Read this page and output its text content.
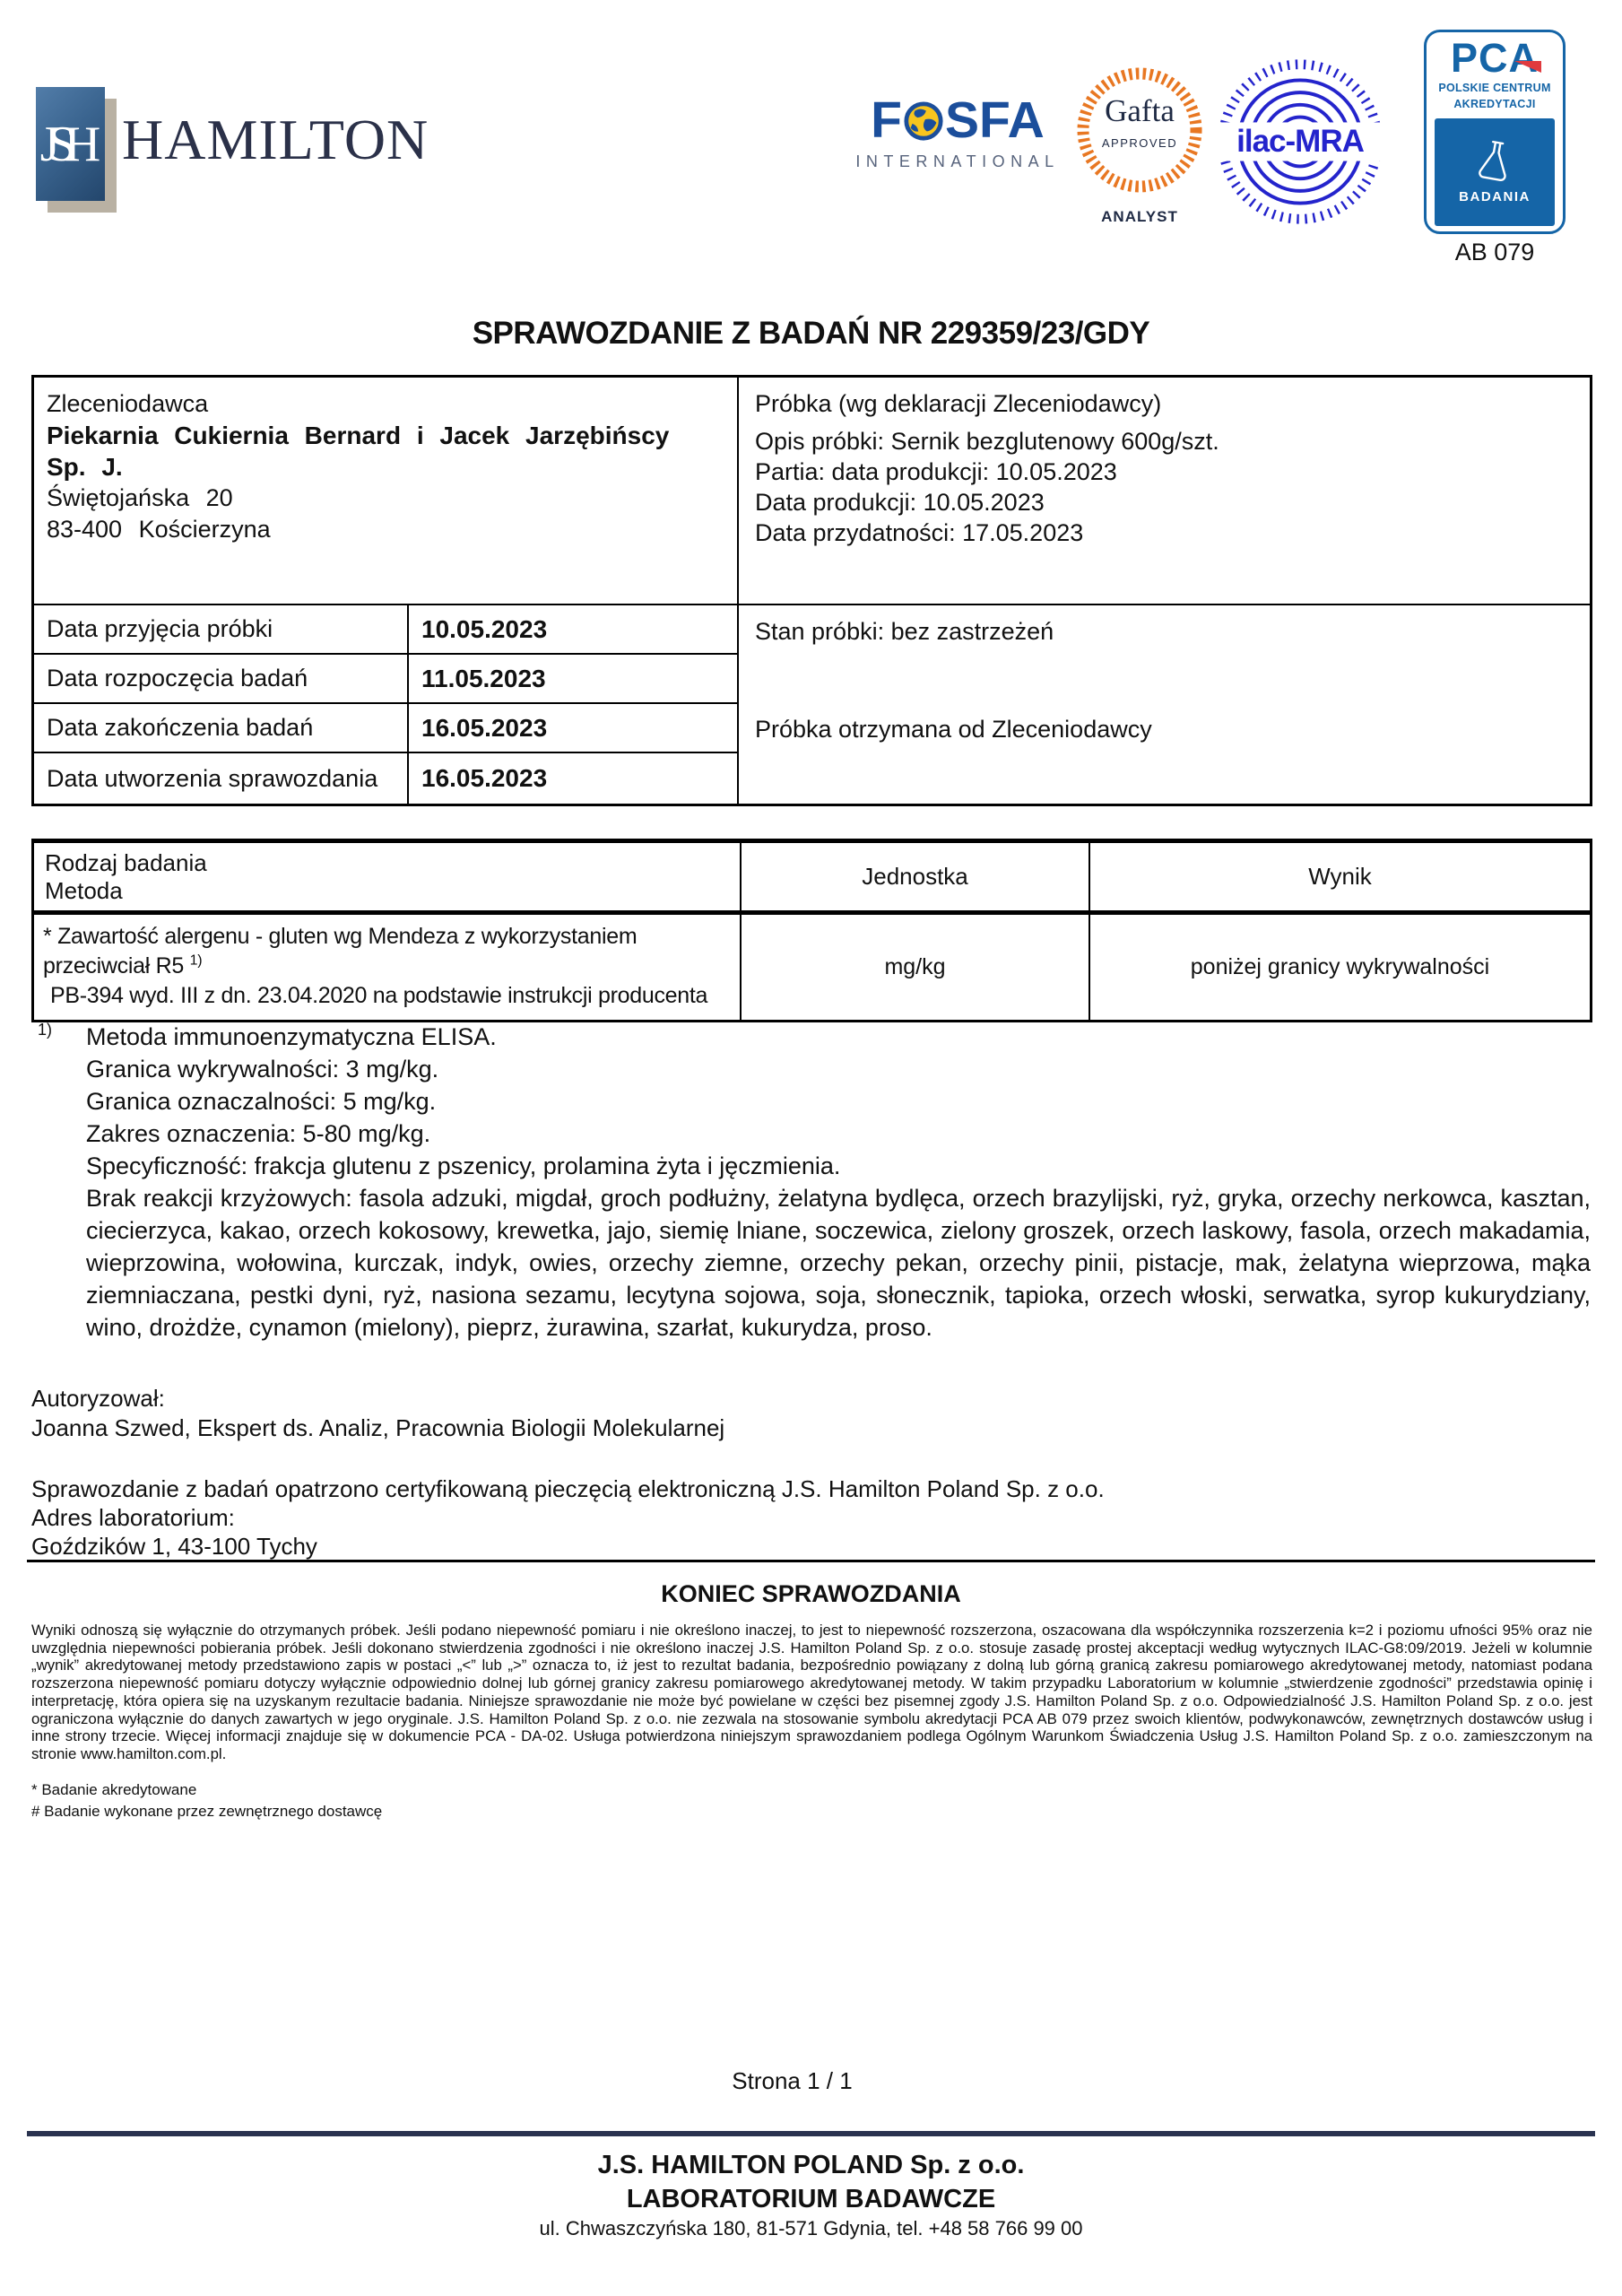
JSH HAMILTON	F SFA
INTERNATIONAL
Gafta
APPROVED
ANALYST
ilac-MRA
PCA
POLSKIE CENTRUM
AKREDYTACJI
BADANIA
AB 079
SPRAWOZDANIE Z BADAŃ NR 229359/23/GDY
Zleceniodawca
Piekarnia Cukiernia Bernard i Jacek Jarzębińscy
Sp. J.
Świętojańska 20
83-400 Kościerzyna
Próbka (wg deklaracji Zleceniodawcy)
Opis próbki: Sernik bezglutenowy 600g/szt.
Partia: data produkcji: 10.05.2023
Data produkcji: 10.05.2023
Data przydatności: 17.05.2023
Data przyjęcia próbki	10.05.2023	Stan próbki: bez zastrzeżeń
Próbka otrzymana od Zleceniodawcy
Data rozpoczęcia badań	11.05.2023
Data zakończenia badań	16.05.2023
Data utworzenia sprawozdania	16.05.2023
Rodzaj badania
Metoda
Jednostka	Wynik
* Zawartość alergenu - gluten wg Mendeza z wykorzystaniem przeciwciał R5 $^{1)}$
PB-394 wyd. III z dn. 23.04.2020 na podstawie instrukcji producenta
mg/kg	poniżej granicy wykrywalności
1) Metoda immunoenzymatyczna ELISA.
Granica wykrywalności: 3 mg/kg.
Granica oznaczalności: 5 mg/kg.
Zakres oznaczenia: 5-80 mg/kg.
Specyficzność: frakcja glutenu z pszenicy, prolamina żyta i jęczmienia.
Brak reakcji krzyżowych: fasola adzuki, migdał, groch podłużny, żelatyna bydlęca, orzech brazylijski, ryż, gryka, orzechy nerkowca, kasztan, ciecierzyca, kakao, orzech kokosowy, krewetka, jajo, siemię lniane, soczewica, zielony groszek, orzech laskowy, fasola, orzech makadamia, wieprzowina, wołowina, kurczak, indyk, owies, orzechy ziemne, orzechy pekan, orzechy pinii, pistacje, mak, żelatyna wieprzowa, mąka ziemniaczana, pestki dyni, ryż, nasiona sezamu, lecytyna sojowa, soja, słonecznik, tapioka, orzech włoski, serwatka, syrop kukurydziany, wino, drożdże, cynamon (mielony), pieprz, żurawina, szarłat, kukurydza, proso.
Autoryzował:
Joanna Szwed, Ekspert ds. Analiz, Pracownia Biologii Molekularnej
Sprawozdanie z badań opatrzono certyfikowaną pieczęcią elektroniczną J.S. Hamilton Poland Sp. z o.o.
Adres laboratorium:
Goździków 1, 43-100 Tychy
KONIEC SPRAWOZDANIA
Wyniki odnoszą się wyłącznie do otrzymanych próbek. Jeśli podano niepewność pomiaru i nie określono inaczej, to jest to niepewność rozszerzona, oszacowana dla współczynnika rozszerzenia k=2 i poziomu ufności 95% oraz nie uwzględnia niepewności pobierania próbek. Jeśli dokonano stwierdzenia zgodności i nie określono inaczej J.S. Hamilton Poland Sp. z o.o. stosuje zasadę prostej akceptacji według wytycznych ILAC-G8:09/2019. Jeżeli w kolumnie „wynik” akredytowanej metody przedstawiono zapis w postaci „<” lub „>” oznacza to, iż jest to rezultat badania, bezpośrednio powiązany z dolną lub górną granicą zakresu pomiarowego akredytowanej metody, natomiast podana rozszerzona niepewność pomiaru dotyczy wyłącznie odpowiednio dolnej lub górnej granicy zakresu pomiarowego akredytowanej metody. W takim przypadku Laboratorium w kolumnie „stwierdzenie zgodności” przedstawia opinię i interpretację, która opiera się na uzyskanym rezultacie badania. Niniejsze sprawozdanie nie może być powielane w części bez pisemnej zgody J.S. Hamilton Poland Sp. z o.o. Odpowiedzialność J.S. Hamilton Poland Sp. z o.o. jest ograniczona wyłącznie do danych zawartych w jego oryginale. J.S. Hamilton Poland Sp. z o.o. nie zezwala na stosowanie symbolu akredytacji PCA AB 079 przez swoich klientów, podwykonawców, zewnętrznych dostawców usług i inne strony trzecie. Więcej informacji znajduje się w dokumencie PCA - DA-02. Usługa potwierdzona niniejszym sprawozdaniem podlega Ogólnym Warunkom Świadczenia Usług J.S. Hamilton Poland Sp. z o.o. zamieszczonym na stronie www.hamilton.com.pl.
* Badanie akredytowane
# Badanie wykonane przez zewnętrznego dostawcę
Strona 1 / 1
J.S. HAMILTON POLAND Sp. z o.o.
LABORATORIUM BADAWCZE
ul. Chwaszczyńska 180, 81-571 Gdynia, tel. +48 58 766 99 00
